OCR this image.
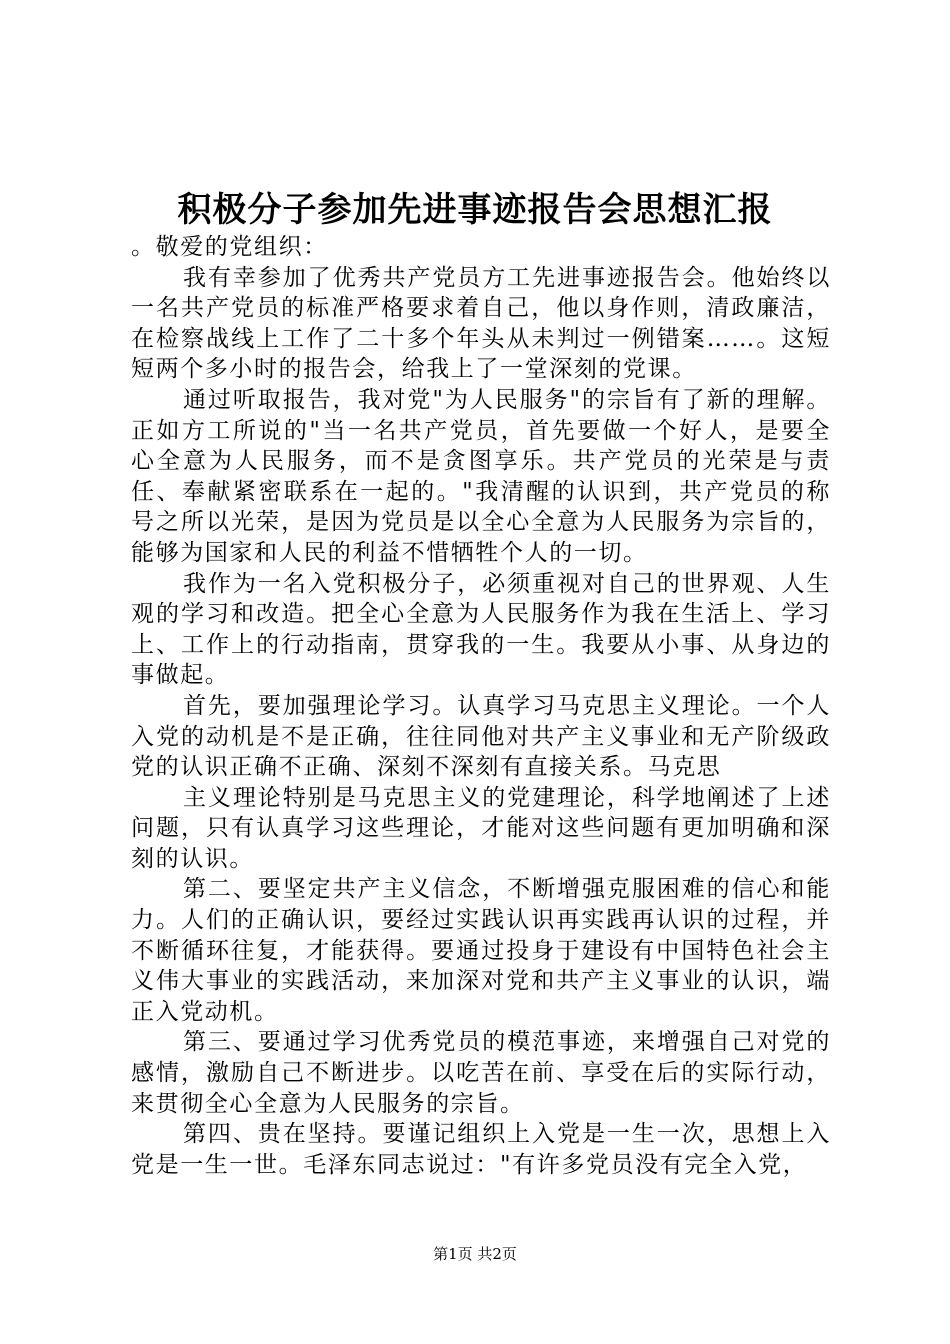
积极分子参加先进事迹报告会思想汇报

。敬爱的党组织：

我有幸参加了优秀共产党员方工先进事迹报告会。他始终以一名共产党员的标准严格要求着自己，他以身作则，清政廉洁，在检察战线上工作了二十多个年头从未判过一例错案……。这短短两个多小时的报告会，给我上了一堂深刻的党课。

通过听取报告，我对党"为人民服务"的宗旨有了新的理解。正如方工所说的"当一名共产党员，首先要做一个好人，是要全心全意为人民服务，而不是贪图享乐。共产党员的光荣是与责任、奉献紧密联系在一起的。"我清醒的认识到，共产党员的称号之所以光荣，是因为党员是以全心全意为人民服务为宗旨的，能够为国家和人民的利益不惜牺牲个人的一切。

我作为一名入党积极分子，必须重视对自己的世界观、人生观的学习和改造。把全心全意为人民服务作为我在生活上、学习上、工作上的行动指南，贯穿我的一生。我要从小事、从身边的事做起。

首先，要加强理论学习。认真学习马克思主义理论。一个人入党的动机是不是正确，往往同他对共产主义事业和无产阶级政党的认识正确不正确、深刻不深刻有直接关系。马克思

主义理论特别是马克思主义的党建理论，科学地阐述了上述问题，只有认真学习这些理论，才能对这些问题有更加明确和深刻的认识。

第二、要坚定共产主义信念，不断增强克服困难的信心和能力。人们的正确认识，要经过实践认识再实践再认识的过程，并不断循环往复，才能获得。要通过投身于建设有中国特色社会主义伟大事业的实践活动，来加深对党和共产主义事业的认识，端正入党动机。

第三、要通过学习优秀党员的模范事迹，来增强自己对党的感情，激励自己不断进步。以吃苦在前、享受在后的实际行动，来贯彻全心全意为人民服务的宗旨。

第四、贵在坚持。要谨记组织上入党是一生一次，思想上入党是一生一世。毛泽东同志说过："有许多党员没有完全入党，

第1页 共2页
